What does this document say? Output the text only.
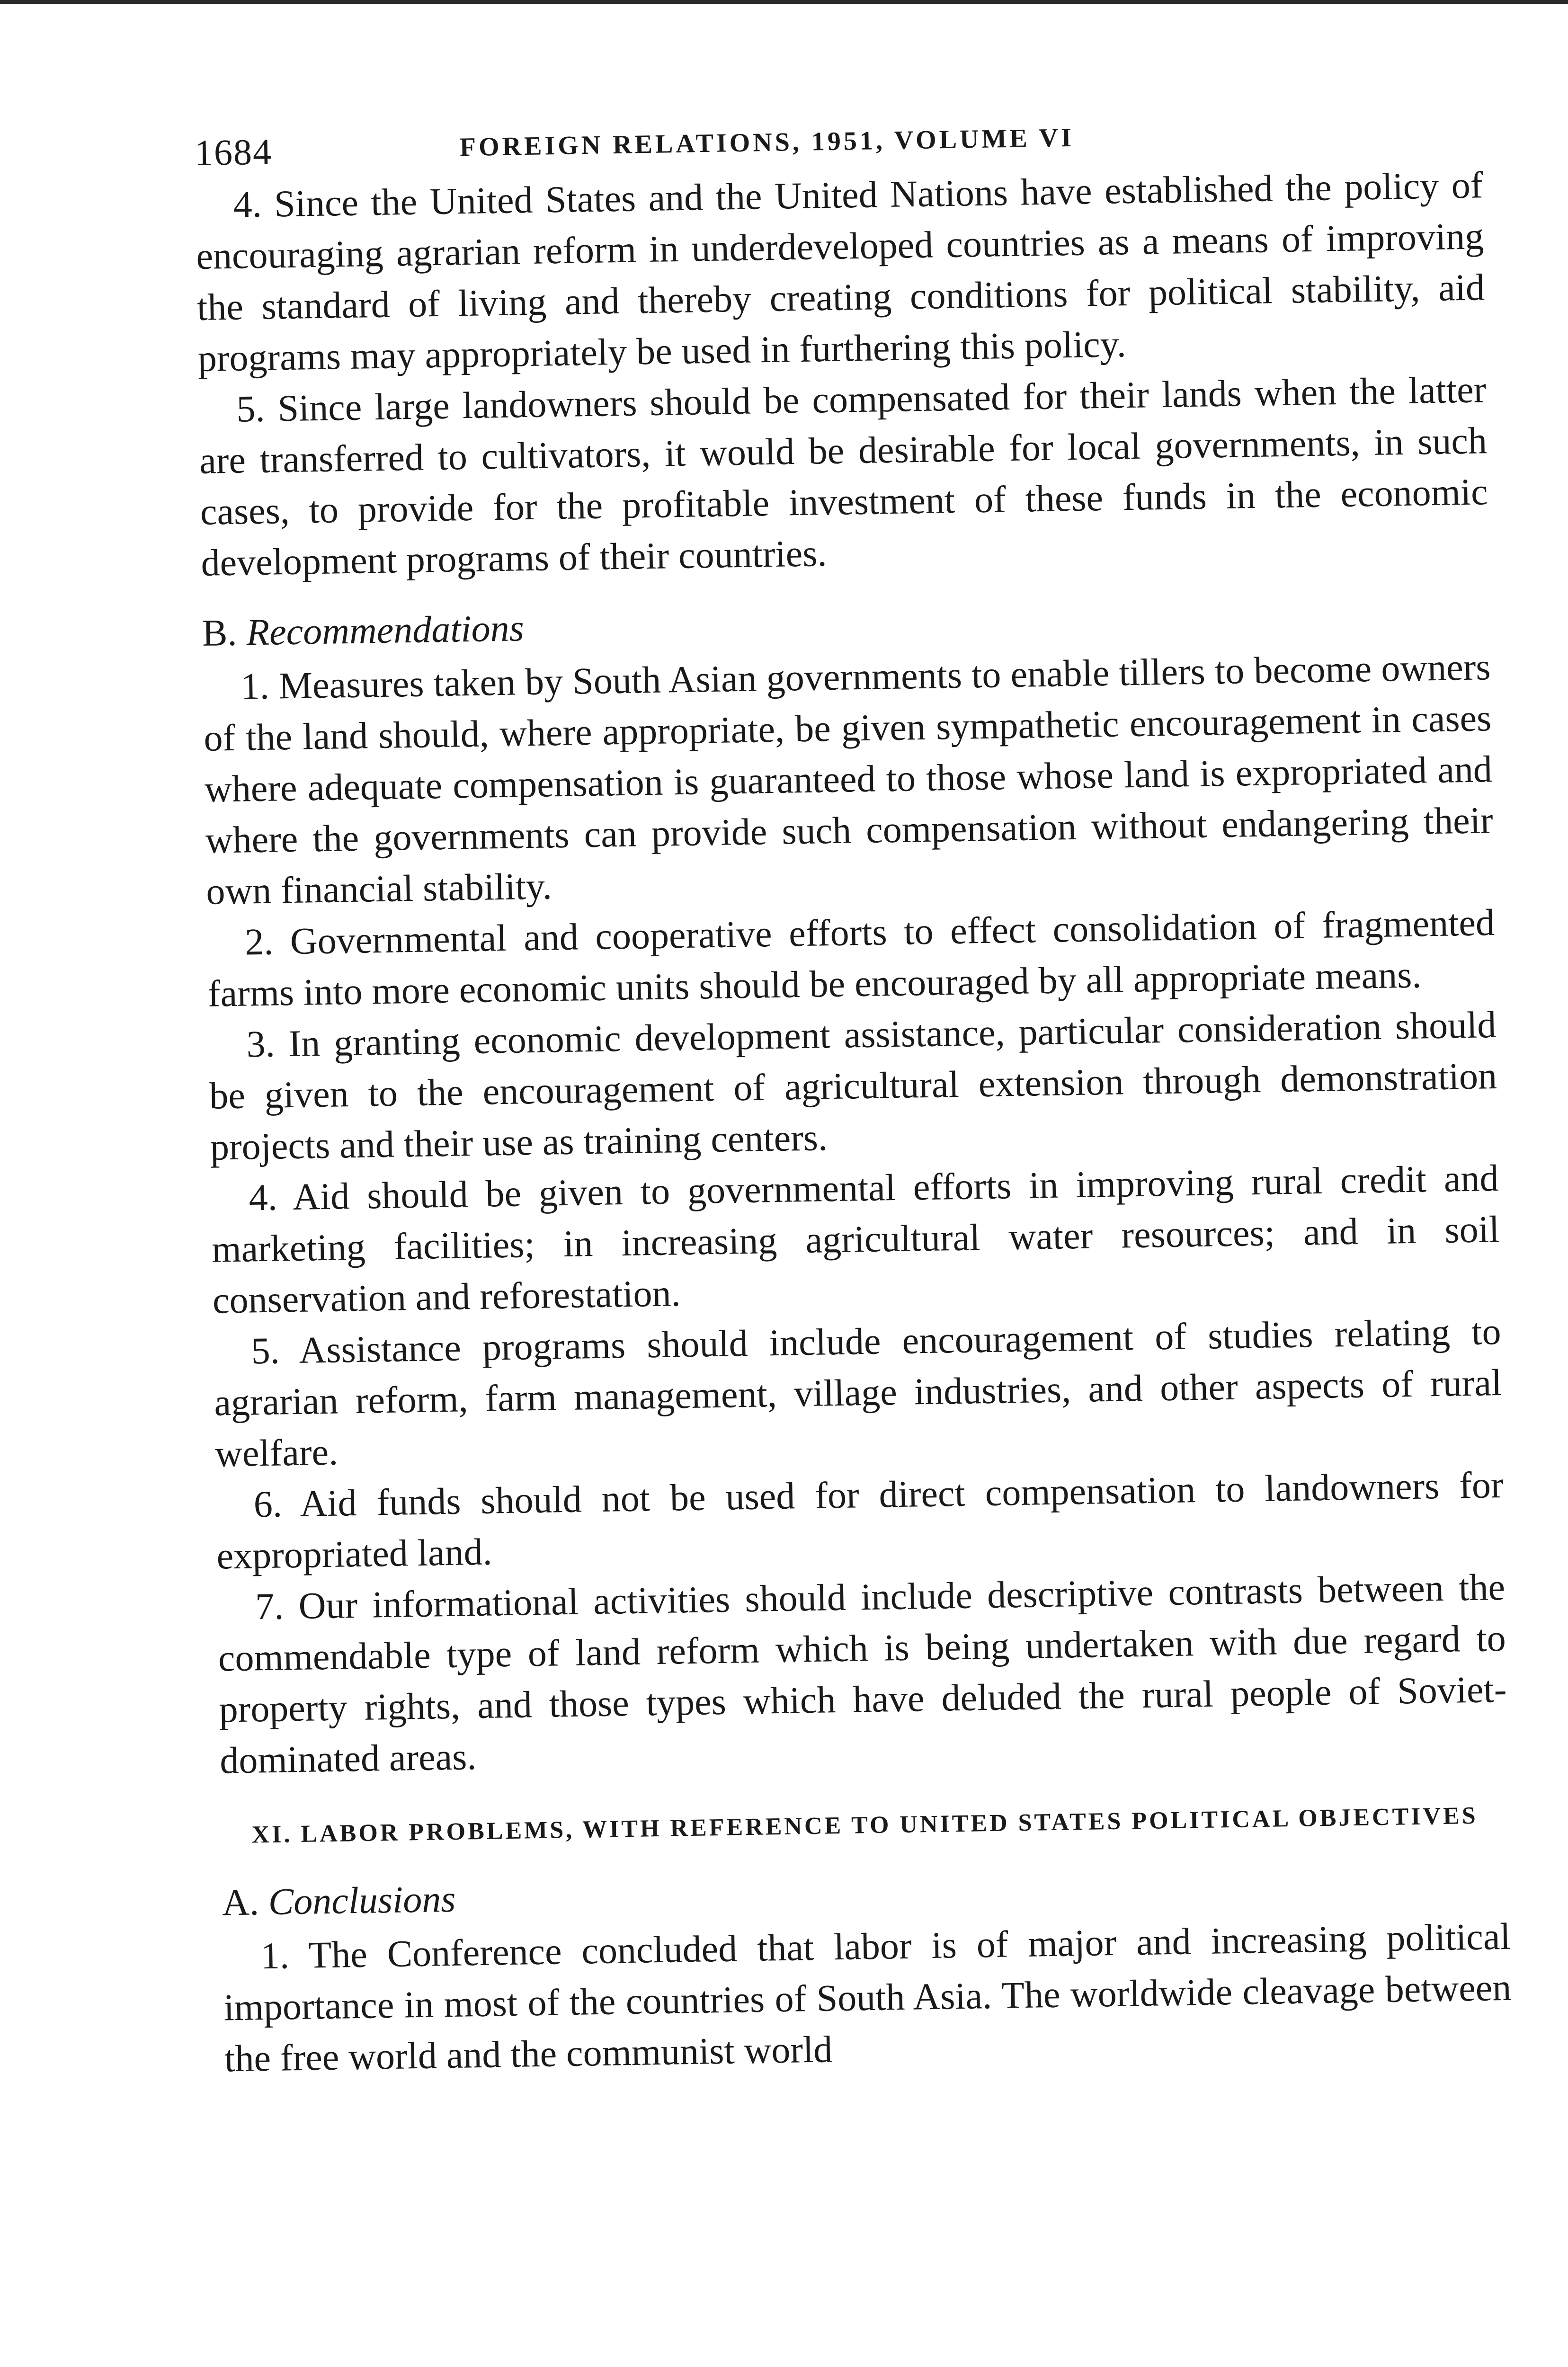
1684	FOREIGN RELATIONS, 1951, VOLUME VI

4. Since the United States and the United Nations have established the policy of encouraging agrarian reform in underdeveloped countries as a means of improving the standard of living and thereby creating conditions for political stability, aid programs may appropriately be used in furthering this policy.

5. Since large landowners should be compensated for their lands when the latter are transferred to cultivators, it would be desirable for local governments, in such cases, to provide for the profitable investment of these funds in the economic development programs of their countries.

B. Recommendations

1. Measures taken by South Asian governments to enable tillers to become owners of the land should, where appropriate, be given sympathetic encouragement in cases where adequate compensation is guaranteed to those whose land is expropriated and where the governments can provide such compensation without endangering their own financial stability.

2. Governmental and cooperative efforts to effect consolidation of fragmented farms into more economic units should be encouraged by all appropriate means.

3. In granting economic development assistance, particular consideration should be given to the encouragement of agricultural extension through demonstration projects and their use as training centers.

4. Aid should be given to governmental efforts in improving rural credit and marketing facilities; in increasing agricultural water resources; and in soil conservation and reforestation.

5. Assistance programs should include encouragement of studies relating to agrarian reform, farm management, village industries, and other aspects of rural welfare.

6. Aid funds should not be used for direct compensation to landowners for expropriated land.

7. Our informational activities should include descriptive contrasts between the commendable type of land reform which is being undertaken with due regard to property rights, and those types which have deluded the rural people of Soviet-dominated areas.

XI. LABOR PROBLEMS, WITH REFERENCE TO UNITED STATES POLITICAL OBJECTIVES
A. Conclusions

1. The Conference concluded that labor is of major and increasing political importance in most of the countries of South Asia. The worldwide cleavage between the free world and the communist world
